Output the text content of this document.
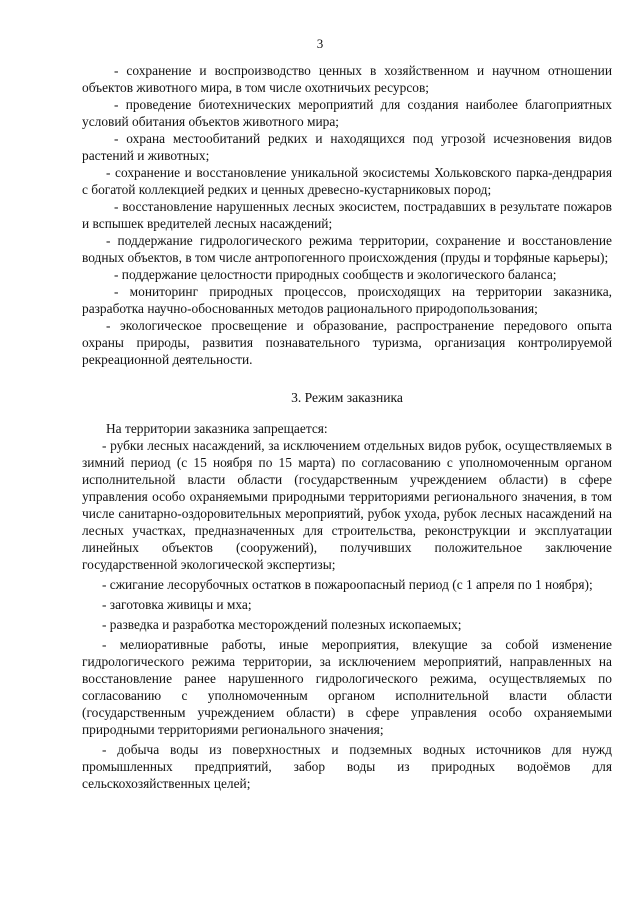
3

- сохранение и воспроизводство ценных в хозяйственном и научном отношении объектов животного мира, в том числе охотничьих ресурсов;

- проведение биотехнических мероприятий для создания наиболее благоприятных условий обитания объектов животного мира;

- охрана местообитаний редких и находящихся под угрозой исчезновения видов растений и животных;

- сохранение и восстановление уникальной экосистемы Хольковского парка-дендрария с богатой коллекцией редких и ценных древесно-кустарниковых пород;

- восстановление нарушенных лесных экосистем, пострадавших в результате пожаров и вспышек вредителей лесных насаждений;

- поддержание гидрологического режима территории, сохранение и восстановление водных объектов, в том числе антропогенного происхождения (пруды и торфяные карьеры);

- поддержание целостности природных сообществ и экологического баланса;

- мониторинг природных процессов, происходящих на территории заказника, разработка научно-обоснованных методов рационального природопользования;

- экологическое просвещение и образование, распространение передового опыта охраны природы, развития познавательного туризма, организация контролируемой рекреационной деятельности.

3. Режим заказника

На территории заказника запрещается:

- рубки лесных насаждений, за исключением отдельных видов рубок, осуществляемых в зимний период (с 15 ноября по 15 марта) по согласованию с уполномоченным органом исполнительной власти области (государственным учреждением области) в сфере управления особо охраняемыми природными территориями регионального значения, в том числе санитарно-оздоровительных мероприятий, рубок ухода, рубок лесных насаждений на лесных участках, предназначенных для строительства, реконструкции и эксплуатации линейных объектов (сооружений), получивших положительное заключение государственной экологической экспертизы;

- сжигание лесорубочных остатков в пожароопасный период (с 1 апреля по 1 ноября);

- заготовка живицы и мха;

- разведка и разработка месторождений полезных ископаемых;

- мелиоративные работы, иные мероприятия, влекущие за собой изменение гидрологического режима территории, за исключением мероприятий, направленных на восстановление ранее нарушенного гидрологического режима, осуществляемых по согласованию с уполномоченным органом исполнительной власти области (государственным учреждением области) в сфере управления особо охраняемыми природными территориями регионального значения;

- добыча воды из поверхностных и подземных водных источников для нужд промышленных предприятий, забор воды из природных водоёмов для сельскохозяйственных целей;
